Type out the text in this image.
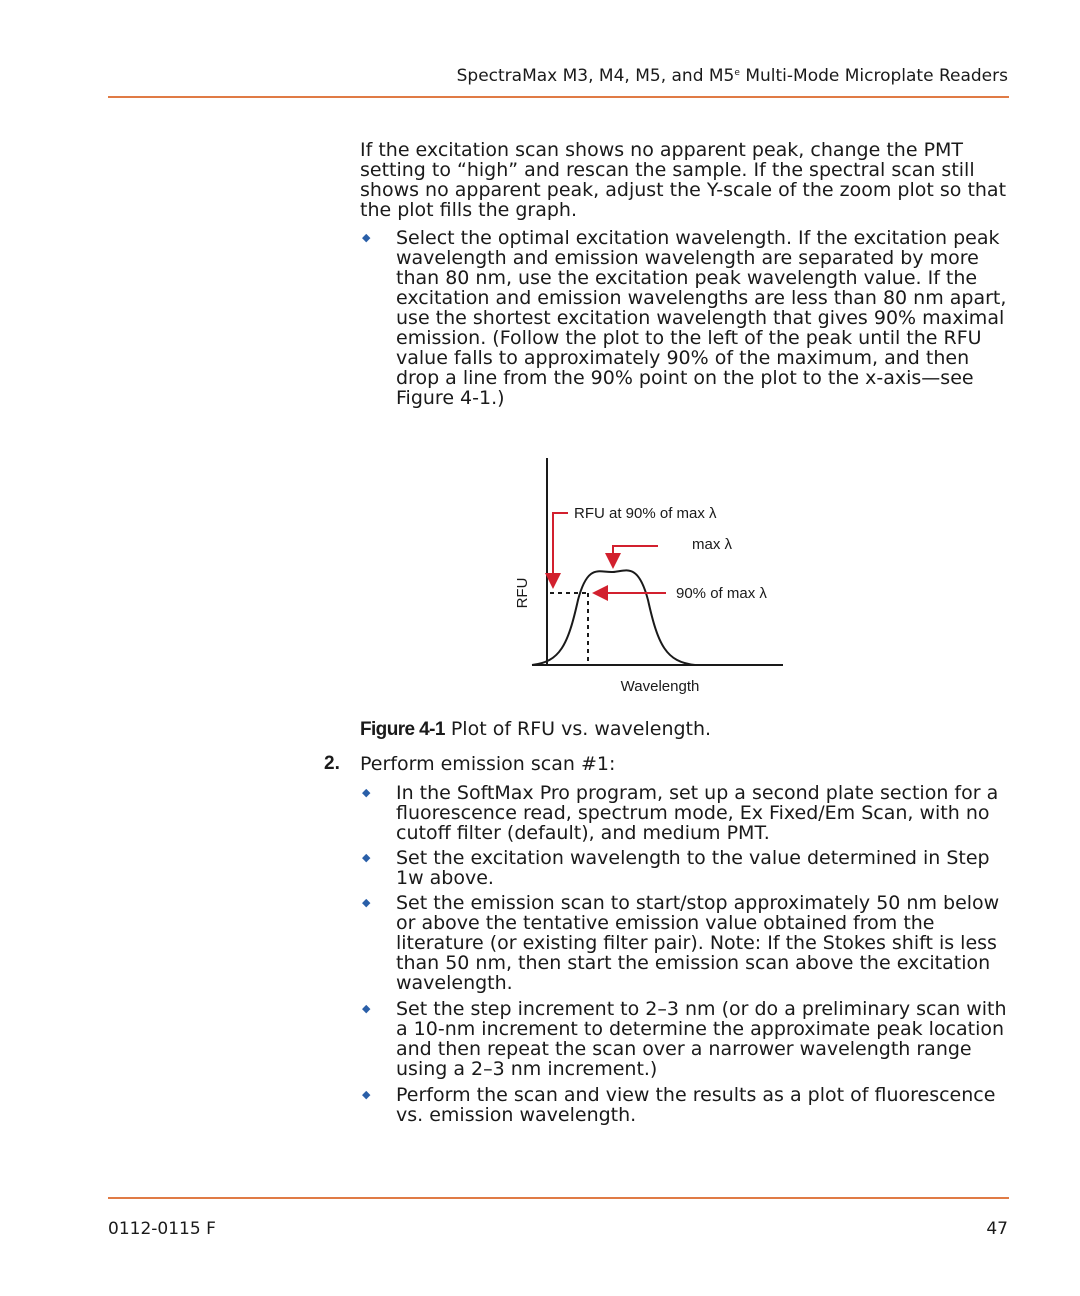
SpectraMax M3, M4, M5, and M5e Multi-Mode Microplate Readers
If the excitation scan shows no apparent peak, change the PMT setting to “high” and rescan the sample. If the spectral scan still shows no apparent peak, adjust the Y-scale of the zoom plot so that the plot fills the graph.
◆ Select the optimal excitation wavelength. If the excitation peak wavelength and emission wavelength are separated by more than 80 nm, use the excitation peak wavelength value. If the excitation and emission wavelengths are less than 80 nm apart, use the shortest excitation wavelength that gives 90% maximal emission. (Follow the plot to the left of the peak until the RFU value falls to approximately 90% of the maximum, and then drop a line from the 90% point on the plot to the x-axis—see Figure 4-1.)
RFU at 90% of max λ
max λ
90% of max λ
RFU
Wavelength
Figure 4-1 Plot of RFU vs. wavelength.
2. Perform emission scan #1:
◆ In the SoftMax Pro program, set up a second plate section for a fluorescence read, spectrum mode, Ex Fixed/Em Scan, with no cutoff filter (default), and medium PMT.
◆ Set the excitation wavelength to the value determined in Step 1w above.
◆ Set the emission scan to start/stop approximately 50 nm below or above the tentative emission value obtained from the literature (or existing filter pair). Note: If the Stokes shift is less than 50 nm, then start the emission scan above the excitation wavelength.
◆ Set the step increment to 2–3 nm (or do a preliminary scan with a 10-nm increment to determine the approximate peak location and then repeat the scan over a narrower wavelength range using a 2–3 nm increment.)
◆ Perform the scan and view the results as a plot of fluorescence vs. emission wavelength.
0112-0115 F	47
